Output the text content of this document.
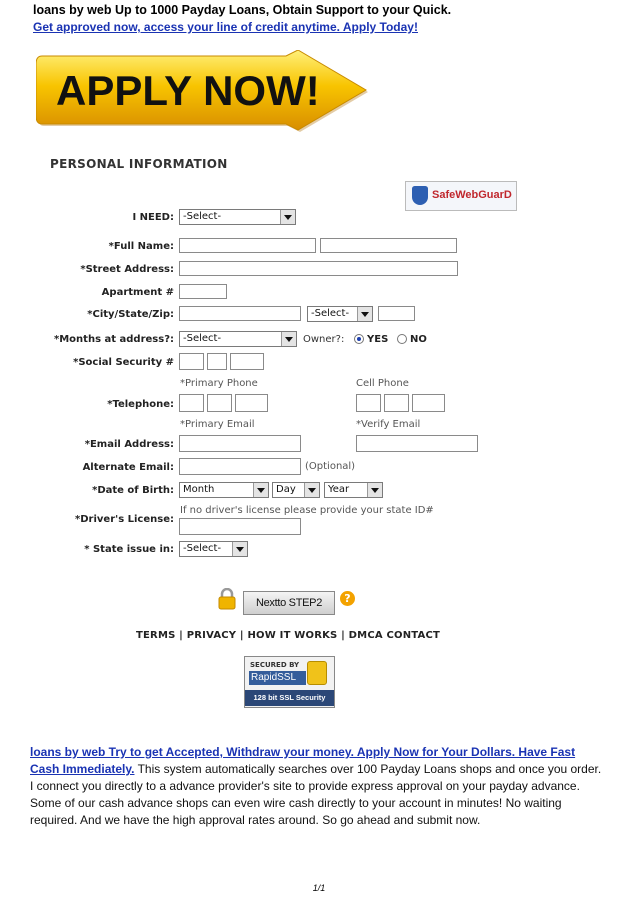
loans by web Up to 1000 Payday Loans, Obtain Support to your Quick.
Get approved now, access your line of credit anytime. Apply Today!
APPLY NOW!
PERSONAL INFORMATION
SafeWebGuarD
I NEED: -Select-
*Full Name:
*Street Address:
Apartment #
*City/State/Zip:	-Select-
*Months at address?: -Select-	Owner?: YES NO
*Social Security #
*Primary Phone	Cell Phone
*Telephone:
*Primary Email	*Verify Email
*Email Address:
Alternate Email:	(Optional)
*Date of Birth: Month	Day	Year
If no driver's license please provide your state ID#
*Driver's License:
* State issue in: -Select-
Nextto STEP2	?
TERMS | PRIVACY | HOW IT WORKS | DMCA CONTACT
SECURED BY
RapidSSL
128 bit SSL Security
loans by web Try to get Accepted, Withdraw your money. Apply Now for Your Dollars. Have Fast Cash Immediately. This system automatically searches over 100 Payday Loans shops and once you order. I connect you directly to a advance provider's site to provide express approval on your payday advance. Some of our cash advance shops can even wire cash directly to your account in minutes! No waiting required. And we have the high approval rates around. So go ahead and submit now.
1/1
